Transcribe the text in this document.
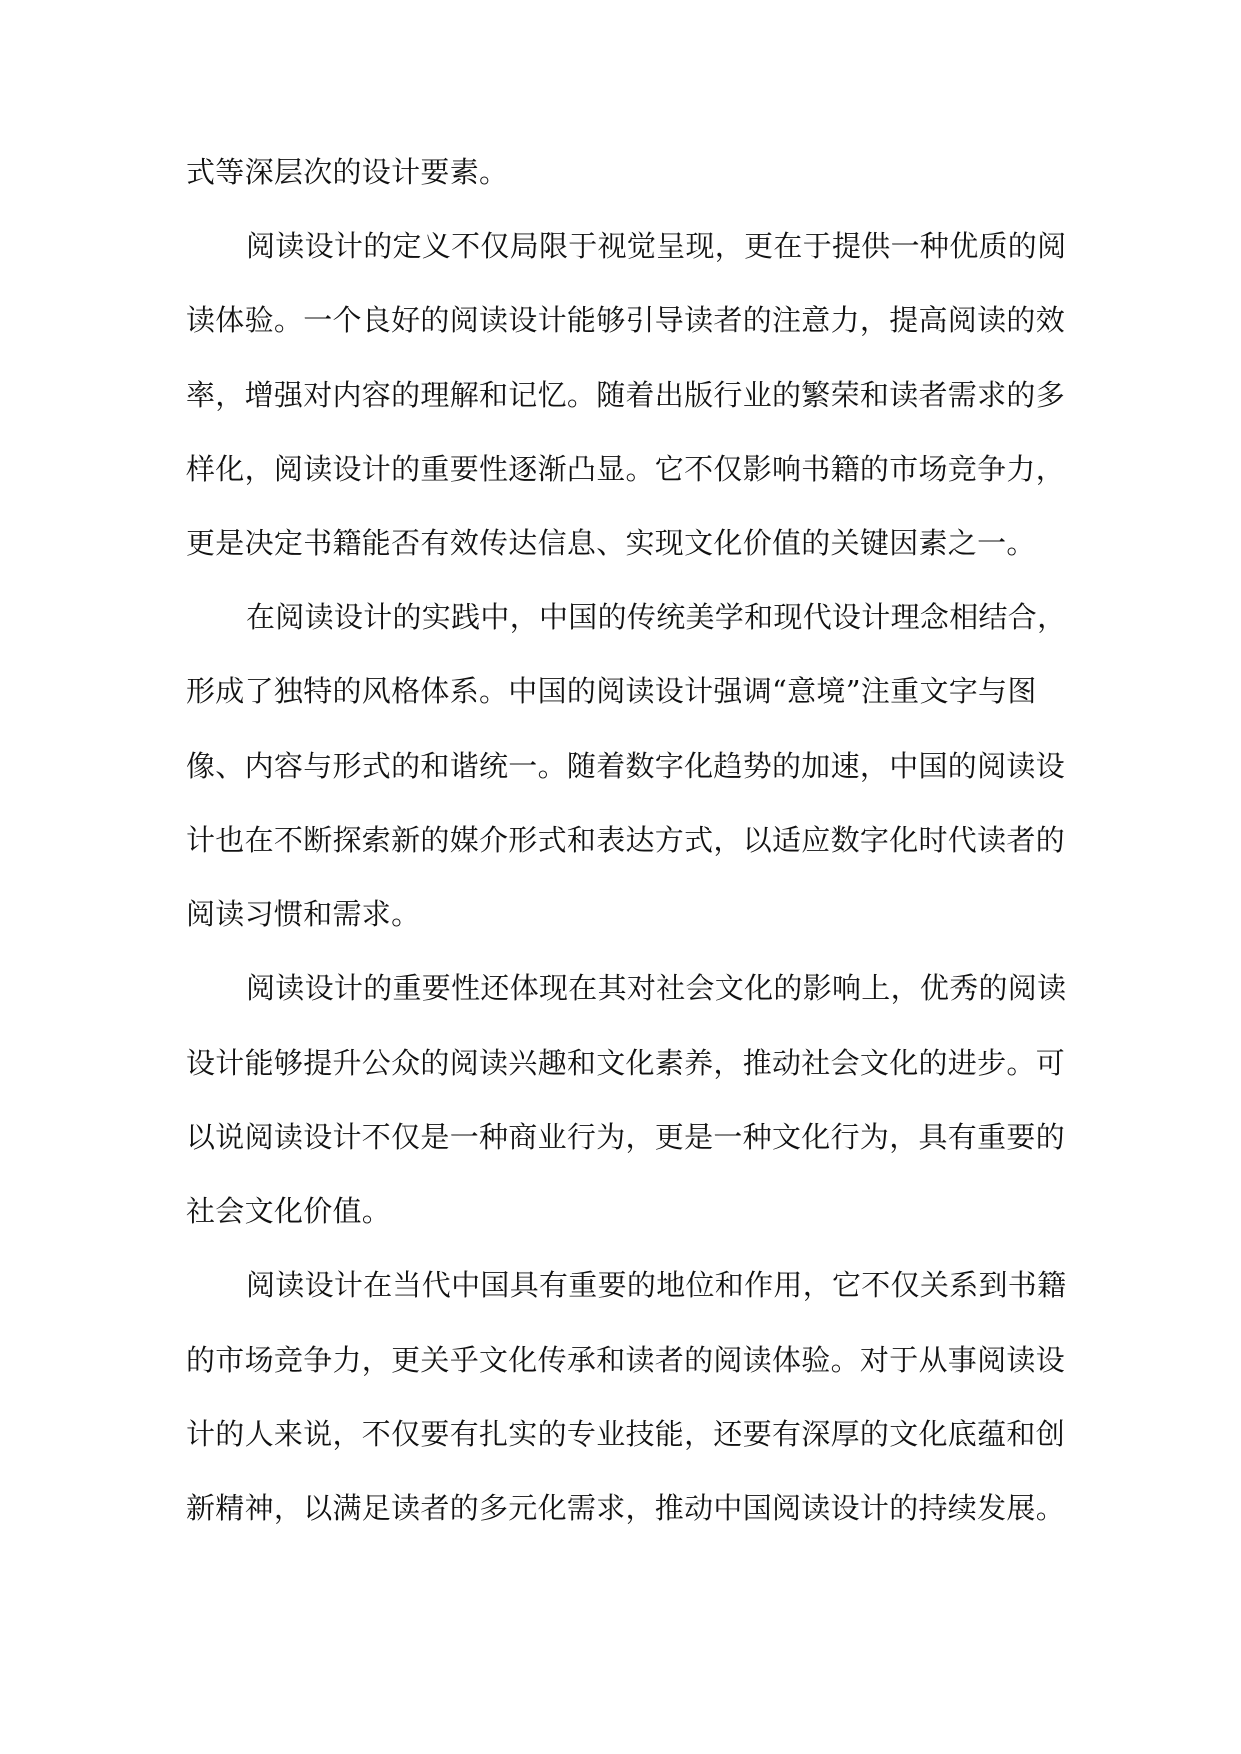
式等深层次的设计要素。

阅读设计的定义不仅局限于视觉呈现，更在于提供一种优质的阅

读体验。一个良好的阅读设计能够引导读者的注意力，提高阅读的效

率，增强对内容的理解和记忆。随着出版行业的繁荣和读者需求的多

样化，阅读设计的重要性逐渐凸显。它不仅影响书籍的市场竞争力，

更是决定书籍能否有效传达信息、实现文化价值的关键因素之一。

在阅读设计的实践中，中国的传统美学和现代设计理念相结合，

形成了独特的风格体系。中国的阅读设计强调“意境”注重文字与图

像、内容与形式的和谐统一。随着数字化趋势的加速，中国的阅读设

计也在不断探索新的媒介形式和表达方式，以适应数字化时代读者的

阅读习惯和需求。

阅读设计的重要性还体现在其对社会文化的影响上，优秀的阅读

设计能够提升公众的阅读兴趣和文化素养，推动社会文化的进步。可

以说阅读设计不仅是一种商业行为，更是一种文化行为，具有重要的

社会文化价值。

阅读设计在当代中国具有重要的地位和作用，它不仅关系到书籍

的市场竞争力，更关乎文化传承和读者的阅读体验。对于从事阅读设

计的人来说，不仅要有扎实的专业技能，还要有深厚的文化底蕴和创

新精神，以满足读者的多元化需求，推动中国阅读设计的持续发展。
